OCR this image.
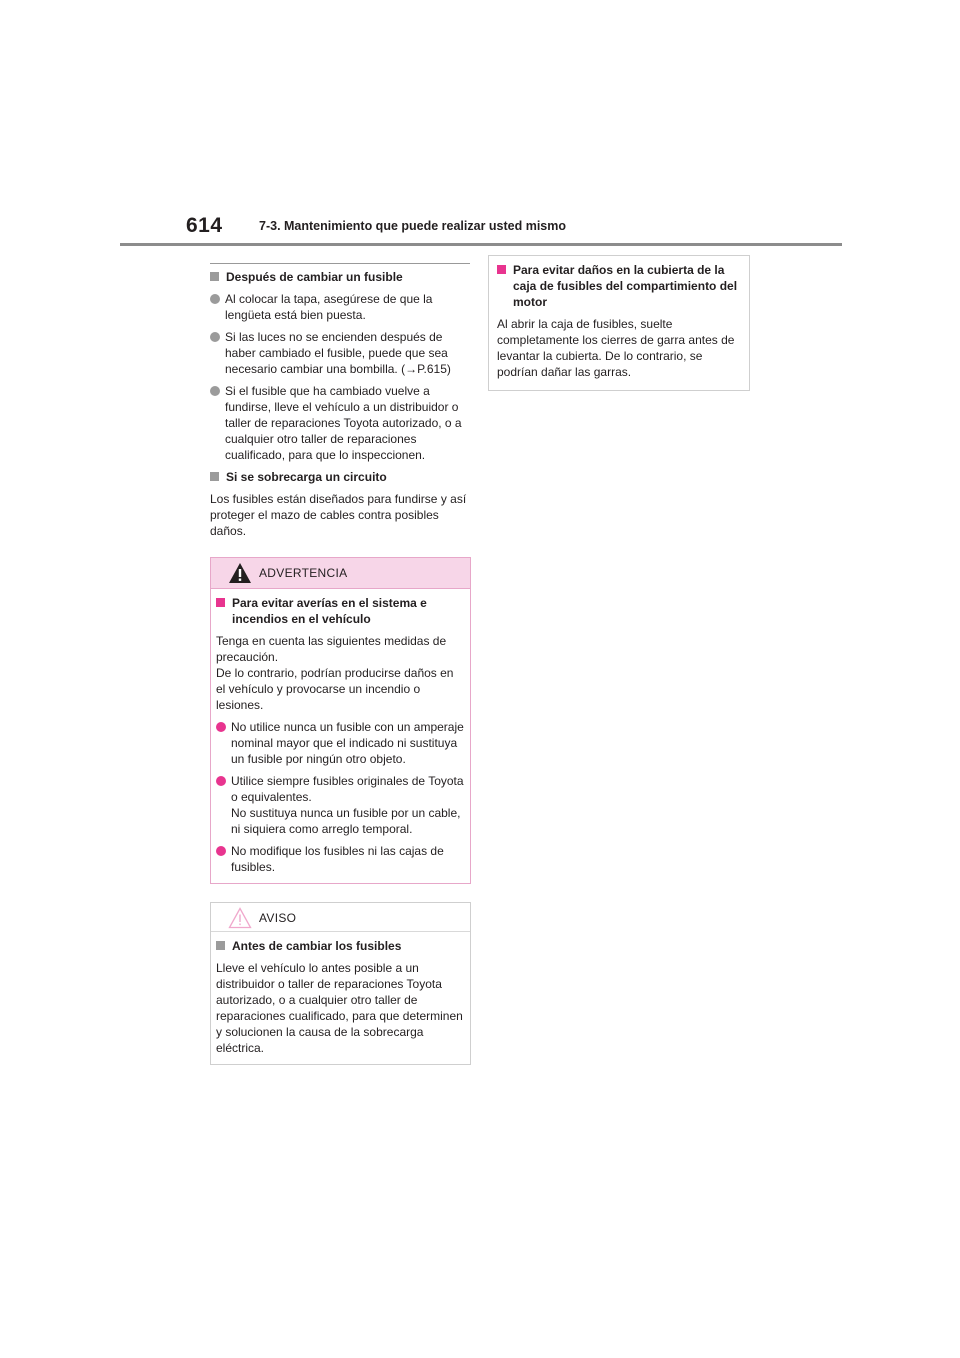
614	7-3. Mantenimiento que puede realizar usted mismo
Después de cambiar un fusible
Al colocar la tapa, asegúrese de que la lengüeta está bien puesta.
Si las luces no se encienden después de haber cambiado el fusible, puede que sea necesario cambiar una bombilla. (→P.615)
Si el fusible que ha cambiado vuelve a fundirse, lleve el vehículo a un distribuidor o taller de reparaciones Toyota autorizado, o a cualquier otro taller de reparaciones cualificado, para que lo inspeccionen.
Si se sobrecarga un circuito
Los fusibles están diseñados para fundirse y así proteger el mazo de cables contra posibles daños.
ADVERTENCIA
Para evitar averías en el sistema e incendios en el vehículo
Tenga en cuenta las siguientes medidas de precaución.
De lo contrario, podrían producirse daños en el vehículo y provocarse un incendio o lesiones.
No utilice nunca un fusible con un amperaje nominal mayor que el indicado ni sustituya un fusible por ningún otro objeto.
Utilice siempre fusibles originales de Toyota o equivalentes.
No sustituya nunca un fusible por un cable, ni siquiera como arreglo temporal.
No modifique los fusibles ni las cajas de fusibles.
AVISO
Antes de cambiar los fusibles
Lleve el vehículo lo antes posible a un distribuidor o taller de reparaciones Toyota autorizado, o a cualquier otro taller de reparaciones cualificado, para que determinen y solucionen la causa de la sobrecarga eléctrica.
Para evitar daños en la cubierta de la caja de fusibles del compartimiento del motor
Al abrir la caja de fusibles, suelte completamente los cierres de garra antes de levantar la cubierta. De lo contrario, se podrían dañar las garras.
